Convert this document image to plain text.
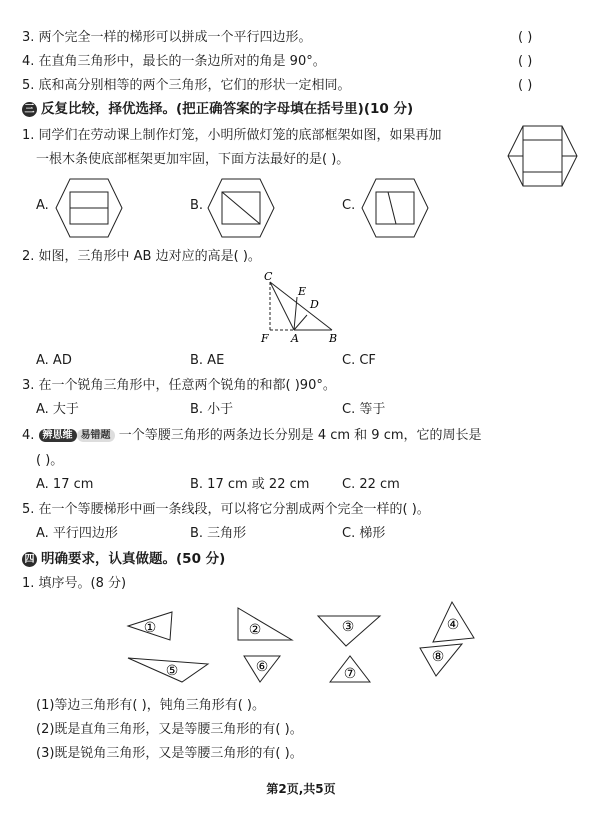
3. 两个完全一样的梯形可以拼成一个平行四边形。	( )
4. 在直角三角形中，最长的一条边所对的角是 90°。	( )
5. 底和高分别相等的两个三角形，它们的形状一定相同。	( )
三 反复比较，择优选择。(把正确答案的字母填在括号里)(10 分)
1. 同学们在劳动课上制作灯笼，小明所做灯笼的底部框架如图，如果再加
一根木条使底部框架更加牢固，下面方法最好的是( )。
A.	B.	C.
2. 如图，三角形中 AB 边对应的高是( )。
C
E
D
F A	B
A. AD	B. AE	C. CF
3. 在一个锐角三角形中，任意两个锐角的和都( )90°。
A. 大于	B. 小于	C. 等于
4. 辨思维 易错题 一个等腰三角形的两条边长分别是 4 cm 和 9 cm，它的周长是
( )。
A. 17 cm	B. 17 cm 或 22 cm	C. 22 cm
5. 在一个等腰梯形中画一条线段，可以将它分割成两个完全一样的( )。
A. 平行四边形	B. 三角形	C. 梯形
四 明确要求，认真做题。(50 分)
1. 填序号。(8 分)
①	②	③	④
⑤	⑥	⑦
⑧
(1)等边三角形有( )，钝角三角形有( )。
(2)既是直角三角形，又是等腰三角形的有( )。
(3)既是锐角三角形，又是等腰三角形的有( )。
第2页,共5页
